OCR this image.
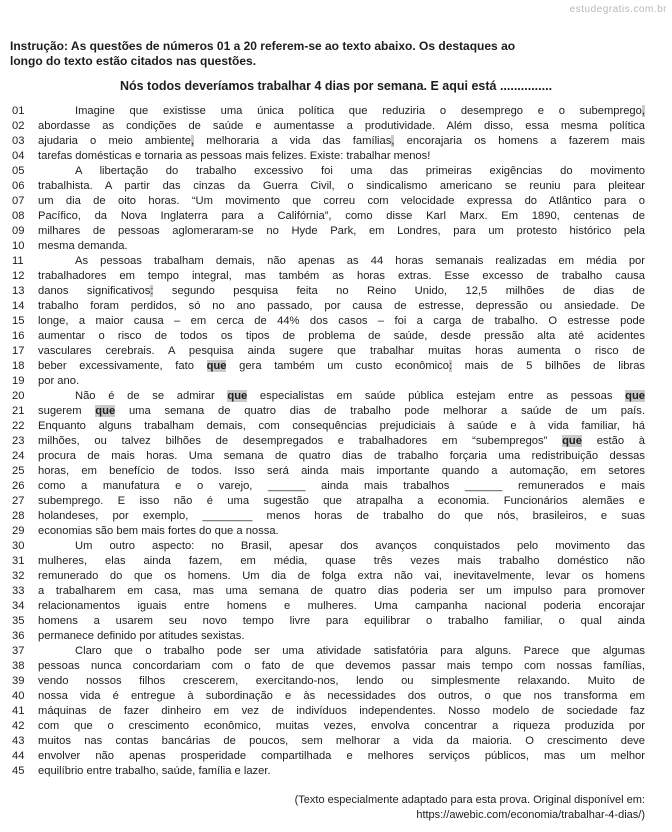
estudegratis.com.br
Instrução: As questões de números 01 a 20 referem-se ao texto abaixo. Os destaques ao
longo do texto estão citados nas questões.
Nós todos deveríamos trabalhar 4 dias por semana. E aqui está ...............
01	Imagine que existisse uma única política que reduziria o desemprego e o subemprego,
02	abordasse as condições de saúde e aumentasse a produtividade. Além disso, essa mesma política
03	ajudaria o meio ambiente, melhoraria a vida das famílias, encorajaria os homens a fazerem mais
04	tarefas domésticas e tornaria as pessoas mais felizes. Existe: trabalhar menos!
05	A libertação do trabalho excessivo foi uma das primeiras exigências do movimento
06	trabalhista. A partir das cinzas da Guerra Civil, o sindicalismo americano se reuniu para pleitear
07	um dia de oito horas. “Um movimento que correu com velocidade expressa do Atlântico para o
08	Pacífico, da Nova Inglaterra para a Califórnia”, como disse Karl Marx. Em 1890, centenas de
09	milhares de pessoas aglomeraram-se no Hyde Park, em Londres, para um protesto histórico pela
10	mesma demanda.
11	As pessoas trabalham demais, não apenas as 44 horas semanais realizadas em média por
12	trabalhadores em tempo integral, mas também as horas extras. Esse excesso de trabalho causa
13	danos significativos: segundo pesquisa feita no Reino Unido, 12,5 milhões de dias de
14	trabalho foram perdidos, só no ano passado, por causa de estresse, depressão ou ansiedade. De
15	longe, a maior causa – em cerca de 44% dos casos – foi a carga de trabalho. O estresse pode
16	aumentar o risco de todos os tipos de problema de saúde, desde pressão alta até acidentes
17	vasculares cerebrais. A pesquisa ainda sugere que trabalhar muitas horas aumenta o risco de
18	beber excessivamente, fato que gera também um custo econômico: mais de 5 bilhões de libras
19	por ano.
20	Não é de se admirar que especialistas em saúde pública estejam entre as pessoas que
21	sugerem que uma semana de quatro dias de trabalho pode melhorar a saúde de um país.
22	Enquanto alguns trabalham demais, com consequências prejudiciais à saúde e à vida familiar, há
23	milhões, ou talvez bilhões de desempregados e trabalhadores em “subempregos” que estão à
24	procura de mais horas. Uma semana de quatro dias de trabalho forçaria uma redistribuição dessas
25	horas, em benefício de todos. Isso será ainda mais importante quando a automação, em setores
26	como a manufatura e o varejo, ______ ainda mais trabalhos ______ remunerados e mais
27	subemprego. E isso não é uma sugestão que atrapalha a economia. Funcionários alemães e
28	holandeses, por exemplo, ________ menos horas de trabalho do que nós, brasileiros, e suas
29	economias são bem mais fortes do que a nossa.
30	Um outro aspecto: no Brasil, apesar dos avanços conquistados pelo movimento das
31	mulheres, elas ainda fazem, em média, quase três vezes mais trabalho doméstico não
32	remunerado do que os homens. Um dia de folga extra não vai, inevitavelmente, levar os homens
33	a trabalharem em casa, mas uma semana de quatro dias poderia ser um impulso para promover
34	relacionamentos iguais entre homens e mulheres. Uma campanha nacional poderia encorajar
35	homens a usarem seu novo tempo livre para equilibrar o trabalho familiar, o qual ainda
36	permanece definido por atitudes sexistas.
37	Claro que o trabalho pode ser uma atividade satisfatória para alguns. Parece que algumas
38	pessoas nunca concordariam com o fato de que devemos passar mais tempo com nossas famílias,
39	vendo nossos filhos crescerem, exercitando-nos, lendo ou simplesmente relaxando. Muito de
40	nossa vida é entregue à subordinação e às necessidades dos outros, o que nos transforma em
41	máquinas de fazer dinheiro em vez de indivíduos independentes. Nosso modelo de sociedade faz
42	com que o crescimento econômico, muitas vezes, envolva concentrar a riqueza produzida por
43	muitos nas contas bancárias de poucos, sem melhorar a vida da maioria. O crescimento deve
44	envolver não apenas prosperidade compartilhada e melhores serviços públicos, mas um melhor
45	equilíbrio entre trabalho, saúde, família e lazer.
(Texto especialmente adaptado para esta prova. Original disponível em:
https://awebic.com/economia/trabalhar-4-dias/)
